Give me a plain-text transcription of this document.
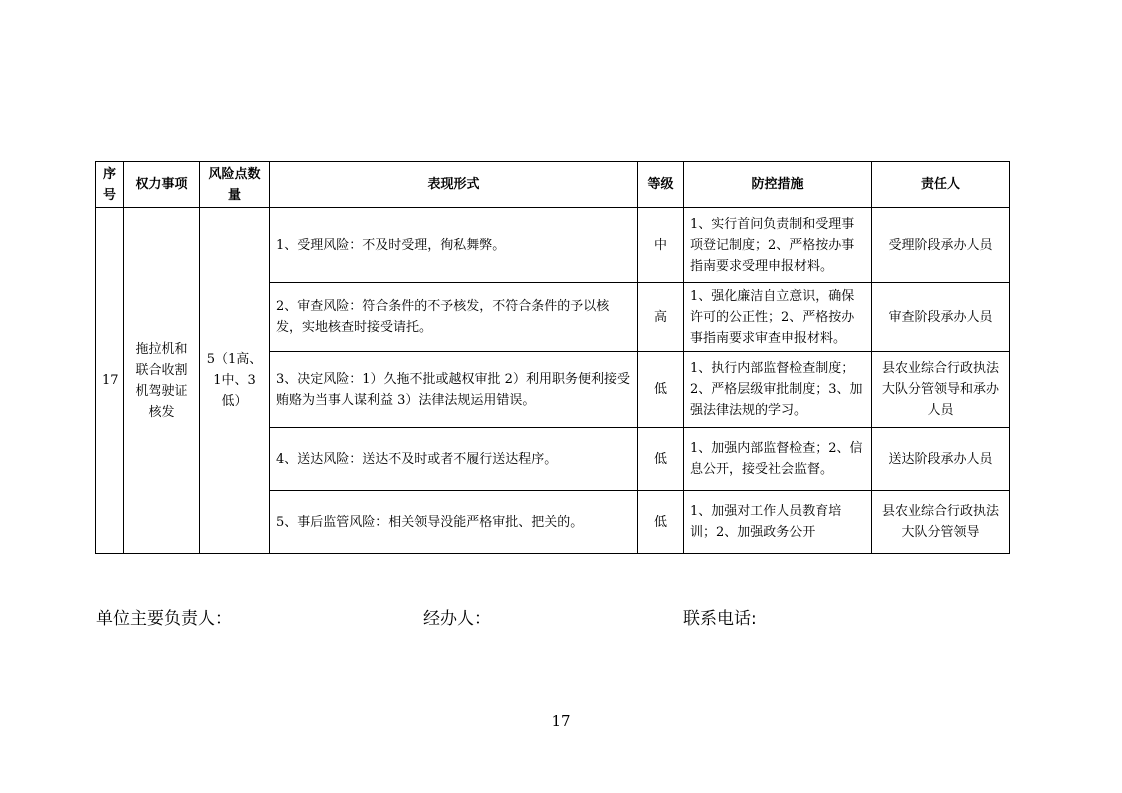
序号	权力事项	风险点数量	表现形式	等级	防控措施	责任人
17	拖拉机和联合收割机驾驶证核发	5（1高、1中、3低）	1、受理风险：不及时受理，徇私舞弊。	中	1、实行首问负责制和受理事项登记制度；2、严格按办事指南要求受理申报材料。	受理阶段承办人员
			2、审查风险：符合条件的不予核发，不符合条件的予以核发，实地核查时接受请托。	高	1、强化廉洁自立意识，确保许可的公正性；2、严格按办事指南要求审查申报材料。	审查阶段承办人员
			3、决定风险：1）久拖不批或越权审批 2）利用职务便利接受贿赂为当事人谋利益 3）法律法规运用错误。	低	1、执行内部监督检查制度；2、严格层级审批制度；3、加强法律法规的学习。	县农业综合行政执法大队分管领导和承办人员
			4、送达风险：送达不及时或者不履行送达程序。	低	1、加强内部监督检查；2、信息公开，接受社会监督。	送达阶段承办人员
			5、事后监管风险：相关领导没能严格审批、把关的。	低	1、加强对工作人员教育培训；2、加强政务公开	县农业综合行政执法大队分管领导
单位主要负责人：	经办人：	联系电话:
17
